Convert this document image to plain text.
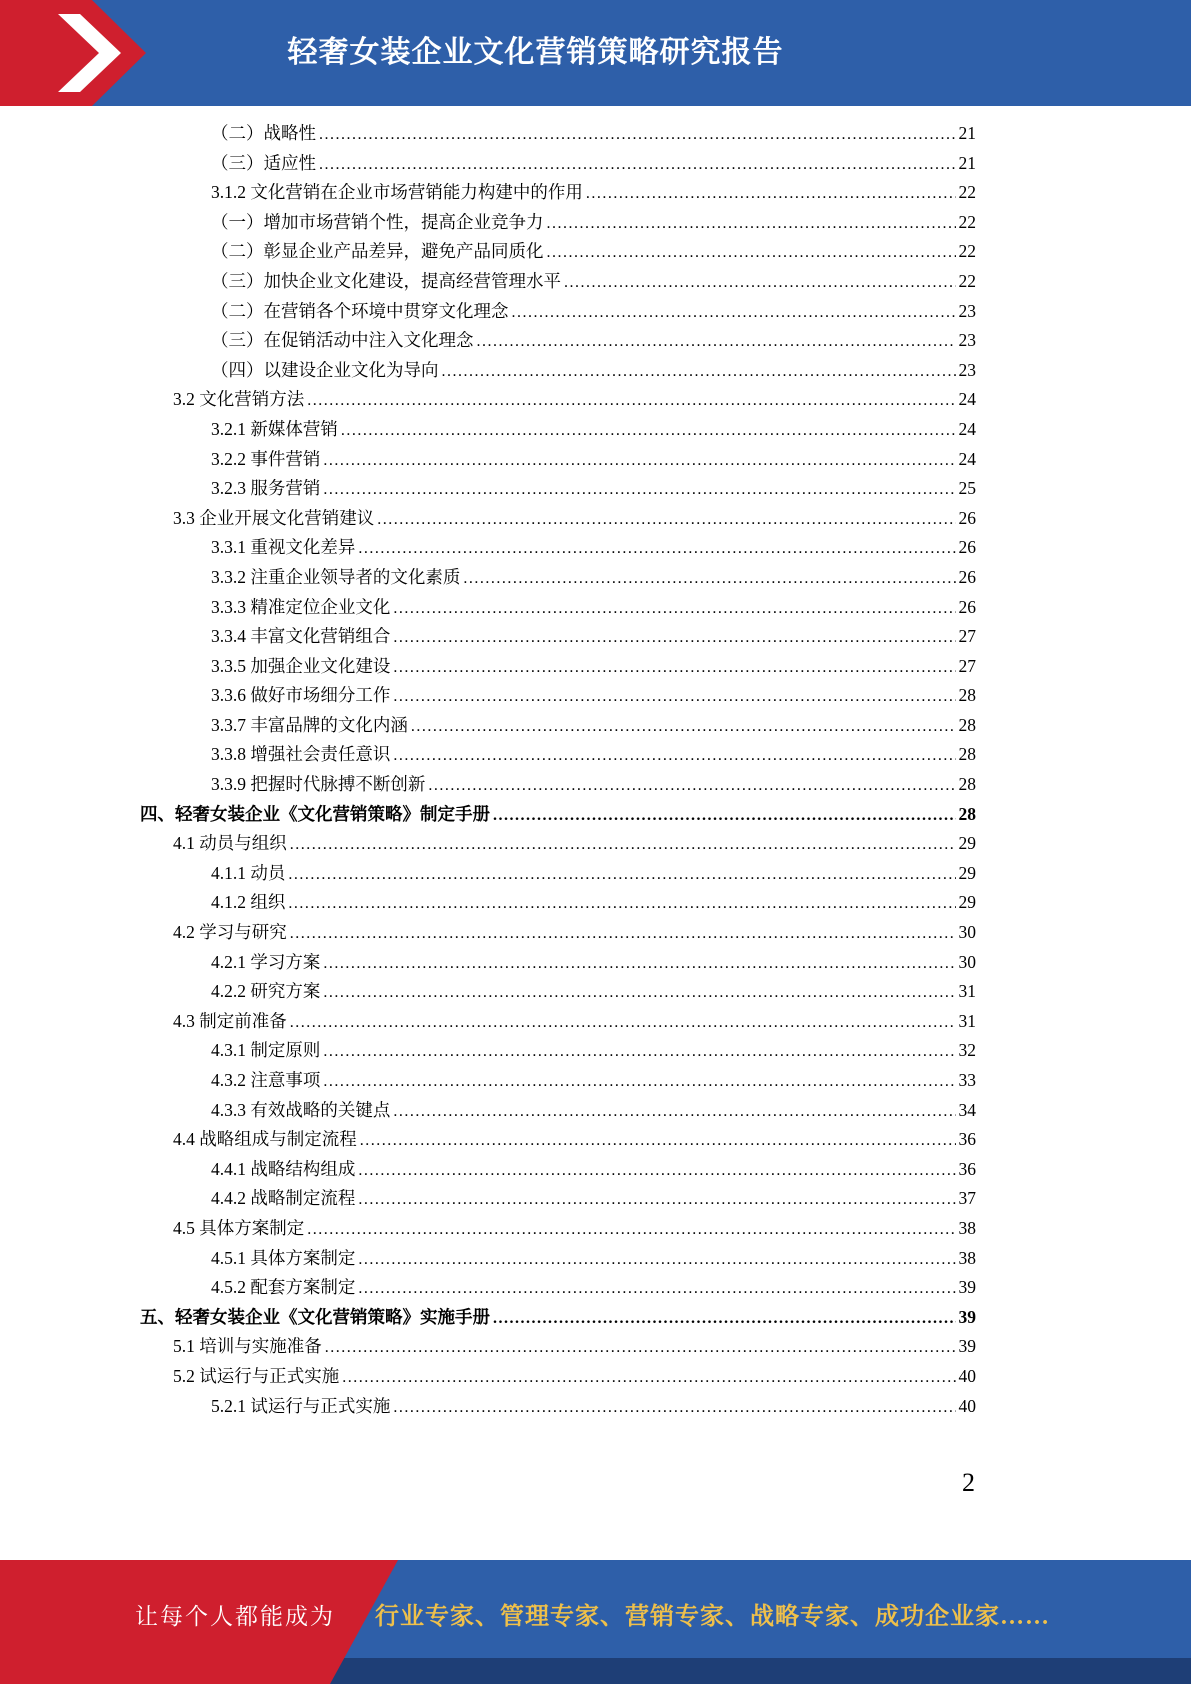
轻奢女装企业文化营销策略研究报告
（二）战略性 .....	21
（三）适应性 .....	21
3.1.2 文化营销在企业市场营销能力构建中的作用 .....	22
（一）增加市场营销个性，提高企业竞争力 .....	22
（二）彰显企业产品差异，避免产品同质化 .....	22
（三）加快企业文化建设，提高经营管理水平 .....	22
（二）在营销各个环境中贯穿文化理念 .....	23
（三）在促销活动中注入文化理念 .....	23
（四）以建设企业文化为导向 .....	23
3.2 文化营销方法 .....	24
3.2.1 新媒体营销 .....	24
3.2.2 事件营销 .....	24
3.2.3 服务营销 .....	25
3.3 企业开展文化营销建议 .....	26
3.3.1 重视文化差异 .....	26
3.3.2 注重企业领导者的文化素质 .....	26
3.3.3 精准定位企业文化 .....	26
3.3.4 丰富文化营销组合 .....	27
3.3.5 加强企业文化建设 .....	27
3.3.6 做好市场细分工作 .....	28
3.3.7 丰富品牌的文化内涵 .....	28
3.3.8 增强社会责任意识 .....	28
3.3.9 把握时代脉搏不断创新 .....	28
四、轻奢女装企业《文化营销策略》制定手册 .....	28
4.1 动员与组织 .....	29
4.1.1 动员 .....	29
4.1.2 组织 .....	29
4.2 学习与研究 .....	30
4.2.1 学习方案 .....	30
4.2.2 研究方案 .....	31
4.3 制定前准备 .....	31
4.3.1 制定原则 .....	32
4.3.2 注意事项 .....	33
4.3.3 有效战略的关键点 .....	34
4.4 战略组成与制定流程 .....	36
4.4.1 战略结构组成 .....	36
4.4.2 战略制定流程 .....	37
4.5 具体方案制定 .....	38
4.5.1 具体方案制定 .....	38
4.5.2 配套方案制定 .....	39
五、轻奢女装企业《文化营销策略》实施手册 .....	39
5.1 培训与实施准备 .....	39
5.2 试运行与正式实施 .....	40
5.2.1 试运行与正式实施 .....	40
2
让每个人都能成为 行业专家、管理专家、营销专家、战略专家、成功企业家……
